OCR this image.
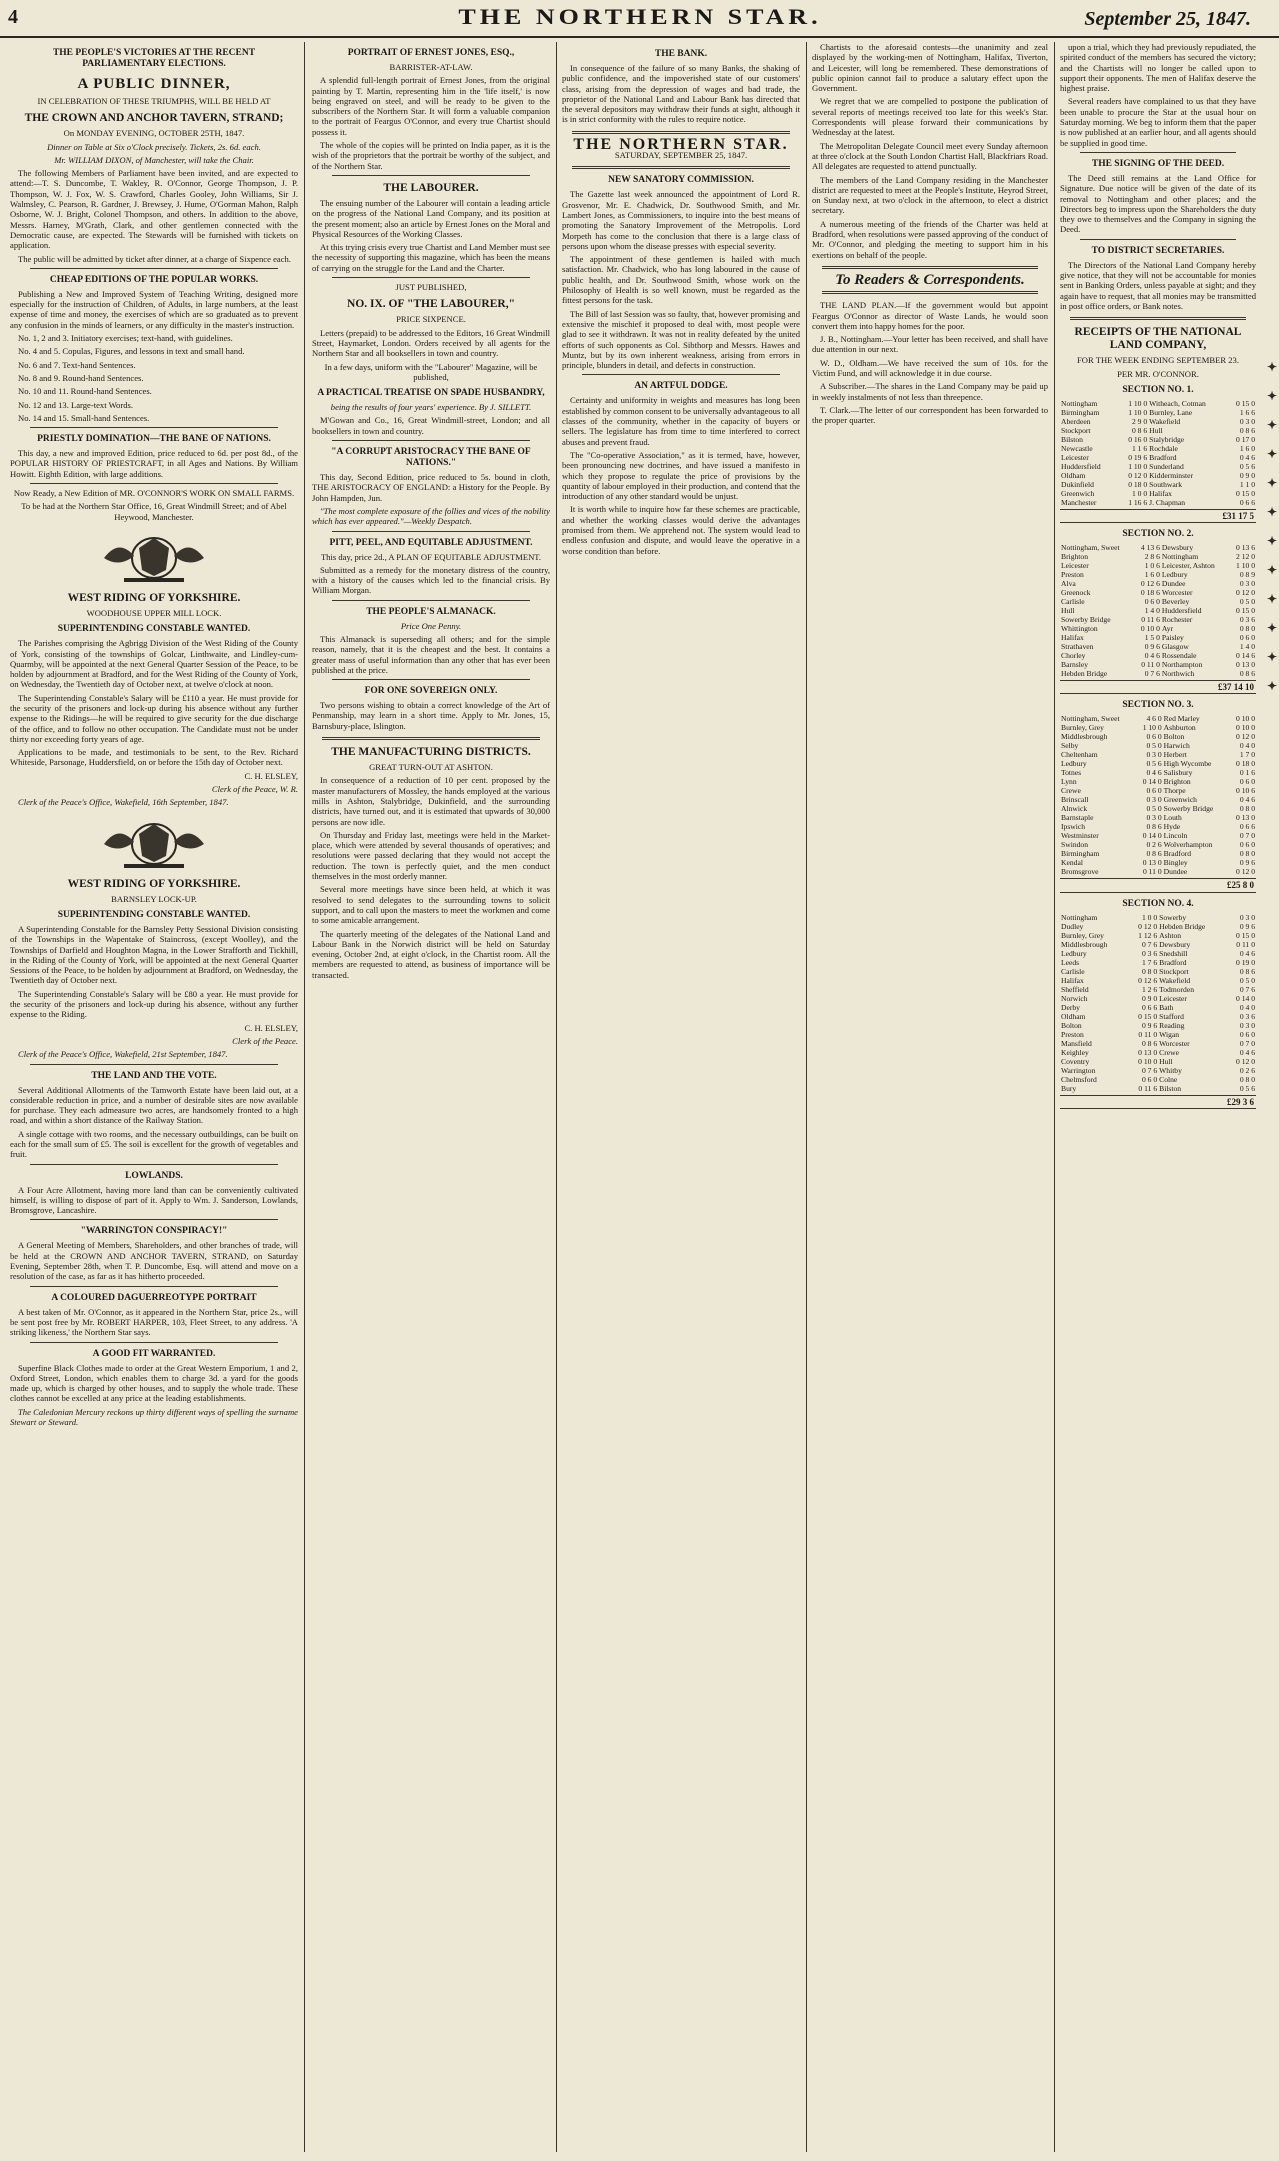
4	THE NORTHERN STAR.	September 25, 1847.
THE PEOPLE'S VICTORIES AT THE RECENT PARLIAMENTARY ELECTIONS.
A PUBLIC DINNER,

IN CELEBRATION OF THESE TRIUMPHS, WILL BE HELD AT

THE CROWN AND ANCHOR TAVERN, STRAND;

On MONDAY EVENING, OCTOBER 25TH, 1847.

Dinner on Table at Six o'Clock precisely. Tickets, 2s. 6d. each.

Mr. WILLIAM DIXON, of Manchester, will take the Chair.

The following Members of Parliament have been invited, and are expected to attend:—T. S. Duncombe, T. Wakley, R. O'Connor, George Thompson, J. P. Thompson, W. J. Fox, W. S. Crawford, Charles Gooley, John Williams, Sir J. Walmsley, C. Pearson, R. Gardner, J. Brewsey, J. Hume, O'Gorman Mahon, Ralph Osborne, W. J. Bright, Colonel Thompson, and others. In addition to the above, Messrs. Harney, M'Grath, Clark, and other gentlemen connected with the Democratic cause, are expected. The Stewards will be furnished with tickets on application.

The public will be admitted by ticket after dinner, at a charge of Sixpence each.

CHEAP EDITIONS OF THE POPULAR WORKS.

Publishing a New and Improved System of Teaching Writing, designed more especially for the instruction of Children, of Adults, in large numbers, at the least expense of time and money, the exercises of which are so graduated as to prevent any confusion in the minds of learners, or any difficulty in the master's instruction.

No. 1, 2 and 3. Initiatory exercises; text-hand, with guidelines.

No. 4 and 5. Copulas, Figures, and lessons in text and small hand.

No. 6 and 7. Text-hand Sentences.

No. 8 and 9. Round-hand Sentences.

No. 10 and 11. Round-hand Sentences.

No. 12 and 13. Large-text Words.

No. 14 and 15. Small-hand Sentences.

PRIESTLY DOMINATION—THE BANE OF NATIONS.

This day, a new and improved Edition, price reduced to 6d. per post 8d., of the POPULAR HISTORY OF PRIESTCRAFT, in all Ages and Nations. By William Howitt. Eighth Edition, with large additions.

Now Ready, a New Edition of MR. O'CONNOR'S WORK ON SMALL FARMS.

To be had at the Northern Star Office, 16, Great Windmill Street; and of Abel Heywood, Manchester.

WEST RIDING OF YORKSHIRE.

WOODHOUSE UPPER MILL LOCK.

SUPERINTENDING CONSTABLE WANTED.

The Parishes comprising the Agbrigg Division of the West Riding of the County of York, consisting of the townships of Golcar, Linthwaite, and Lindley-cum-Quarmby, will be appointed at the next General Quarter Session of the Peace, to be holden by adjournment at Bradford, and for the West Riding of the County of York, on Wednesday, the Twentieth day of October next, at twelve o'clock at noon.

The Superintending Constable's Salary will be £110 a year. He must provide for the security of the prisoners and lock-up during his absence without any further expense to the Ridings—he will be required to give security for the due discharge of the office, and to follow no other occupation. The Candidate must not be under thirty nor exceeding forty years of age.

Applications to be made, and testimonials to be sent, to the Rev. Richard Whiteside, Parsonage, Huddersfield, on or before the 15th day of October next.

C. H. ELSLEY,

Clerk of the Peace, W. R.

Clerk of the Peace's Office, Wakefield, 16th September, 1847.

WEST RIDING OF YORKSHIRE.

BARNSLEY LOCK-UP.

SUPERINTENDING CONSTABLE WANTED.

A Superintending Constable for the Barnsley Petty Sessional Division consisting of the Townships in the Wapentake of Staincross, (except Woolley), and the Townships of Darfield and Houghton Magna, in the Lower Strafforth and Tickhill, in the Riding of the County of York, will be appointed at the next General Quarter Sessions of the Peace, to be holden by adjournment at Bradford, on Wednesday, the Twentieth day of October next.

The Superintending Constable's Salary will be £80 a year. He must provide for the security of the prisoners and lock-up during his absence, without any further expense to the Riding.

C. H. ELSLEY,

Clerk of the Peace.

Clerk of the Peace's Office, Wakefield, 21st September, 1847.

THE LAND AND THE VOTE.

Several Additional Allotments of the Tamworth Estate have been laid out, at a considerable reduction in price, and a number of desirable sites are now available for purchase. They each admeasure two acres, are handsomely fronted to a high road, and within a short distance of the Railway Station.

A single cottage with two rooms, and the necessary outbuildings, can be built on each for the small sum of £5. The soil is excellent for the growth of vegetables and fruit.

LOWLANDS.

A Four Acre Allotment, having more land than can be conveniently cultivated himself, is willing to dispose of part of it. Apply to Wm. J. Sanderson, Lowlands, Bromsgrove, Lancashire.

"WARRINGTON CONSPIRACY!"

A General Meeting of Members, Shareholders, and other branches of trade, will be held at the CROWN AND ANCHOR TAVERN, STRAND, on Saturday Evening, September 28th, when T. P. Duncombe, Esq. will attend and move on a resolution of the case, as far as it has hitherto proceeded.

A COLOURED DAGUERREOTYPE PORTRAIT

A best taken of Mr. O'Connor, as it appeared in the Northern Star, price 2s., will be sent post free by Mr. ROBERT HARPER, 103, Fleet Street, to any address. 'A striking likeness,' the Northern Star says.

A GOOD FIT WARRANTED.

Superfine Black Clothes made to order at the Great Western Emporium, 1 and 2, Oxford Street, London, which enables them to charge 3d. a yard for the goods made up, which is charged by other houses, and to supply the whole trade. These clothes cannot be excelled at any price at the leading establishments.

The Caledonian Mercury reckons up thirty different ways of spelling the surname Stewart or Steward.

PORTRAIT OF ERNEST JONES, ESQ.,

BARRISTER-AT-LAW.

A splendid full-length portrait of Ernest Jones, from the original painting by T. Martin, representing him in the 'life itself,' is now being engraved on steel, and will be ready to be given to the subscribers of the Northern Star. It will form a valuable companion to the portrait of Feargus O'Connor, and every true Chartist should possess it.

The whole of the copies will be printed on India paper, as it is the wish of the proprietors that the portrait be worthy of the subject, and of the Northern Star.

THE LABOURER.

The ensuing number of the Labourer will contain a leading article on the progress of the National Land Company, and its position at the present moment; also an article by Ernest Jones on the Moral and Physical Resources of the Working Classes.

At this trying crisis every true Chartist and Land Member must see the necessity of supporting this magazine, which has been the means of carrying on the struggle for the Land and the Charter.

JUST PUBLISHED,

NO. IX. OF "THE LABOURER,"

PRICE SIXPENCE.

Letters (prepaid) to be addressed to the Editors, 16 Great Windmill Street, Haymarket, London. Orders received by all agents for the Northern Star and all booksellers in town and country.

In a few days, uniform with the "Labourer" Magazine, will be published,

A PRACTICAL TREATISE ON SPADE HUSBANDRY,

being the results of four years' experience. By J. SILLETT.

M'Gowan and Co., 16, Great Windmill-street, London; and all booksellers in town and country.

"A CORRUPT ARISTOCRACY THE BANE OF NATIONS."

This day, Second Edition, price reduced to 5s. bound in cloth, THE ARISTOCRACY OF ENGLAND: a History for the People. By John Hampden, Jun.

"The most complete exposure of the follies and vices of the nobility which has ever appeared."—Weekly Despatch.

PITT, PEEL, AND EQUITABLE ADJUSTMENT.

This day, price 2d., A PLAN OF EQUITABLE ADJUSTMENT.

Submitted as a remedy for the monetary distress of the country, with a history of the causes which led to the financial crisis. By William Morgan.

THE PEOPLE'S ALMANACK.

Price One Penny.

This Almanack is superseding all others; and for the simple reason, namely, that it is the cheapest and the best. It contains a greater mass of useful information than any other that has ever been published at the price.

FOR ONE SOVEREIGN ONLY.

Two persons wishing to obtain a correct knowledge of the Art of Penmanship, may learn in a short time. Apply to Mr. Jones, 15, Barnsbury-place, Islington.

THE MANUFACTURING DISTRICTS.

GREAT TURN-OUT AT ASHTON.

In consequence of a reduction of 10 per cent. proposed by the master manufacturers of Mossley, the hands employed at the various mills in Ashton, Stalybridge, Dukinfield, and the surrounding districts, have turned out, and it is estimated that upwards of 30,000 persons are now idle.

On Thursday and Friday last, meetings were held in the Market-place, which were attended by several thousands of operatives; and resolutions were passed declaring that they would not accept the reduction. The town is perfectly quiet, and the men conduct themselves in the most orderly manner.

Several more meetings have since been held, at which it was resolved to send delegates to the surrounding towns to solicit support, and to call upon the masters to meet the workmen and come to some amicable arrangement.

The quarterly meeting of the delegates of the National Land and Labour Bank in the Norwich district will be held on Saturday evening, October 2nd, at eight o'clock, in the Chartist room. All the members are requested to attend, as business of importance will be transacted.

THE BANK.

In consequence of the failure of so many Banks, the shaking of public confidence, and the impoverished state of our customers' class, arising from the depression of wages and bad trade, the proprietor of the National Land and Labour Bank has directed that the several depositors may withdraw their funds at sight, although it is in strict conformity with the rules to require notice.

THE NORTHERN STAR.

SATURDAY, SEPTEMBER 25, 1847.

NEW SANATORY COMMISSION.

The Gazette last week announced the appointment of Lord R. Grosvenor, Mr. E. Chadwick, Dr. Southwood Smith, and Mr. Lambert Jones, as Commissioners, to inquire into the best means of promoting the Sanatory Improvement of the Metropolis. Lord Morpeth has come to the conclusion that there is a large class of persons upon whom the disease presses with especial severity.

The appointment of these gentlemen is hailed with much satisfaction. Mr. Chadwick, who has long laboured in the cause of public health, and Dr. Southwood Smith, whose work on the Philosophy of Health is so well known, must be regarded as the fittest persons for the task.

The Bill of last Session was so faulty, that, however promising and extensive the mischief it proposed to deal with, most people were glad to see it withdrawn. It was not in reality defeated by the united efforts of such opponents as Col. Sibthorp and Messrs. Hawes and Muntz, but by its own inherent weakness, arising from errors in principle, blunders in detail, and defects in construction.

AN ARTFUL DODGE.

Certainty and uniformity in weights and measures has long been established by common consent to be universally advantageous to all classes of the community, whether in the capacity of buyers or sellers. The legislature has from time to time interfered to correct abuses and prevent fraud.

The "Co-operative Association," as it is termed, have, however, been pronouncing new doctrines, and have issued a manifesto in which they propose to regulate the price of provisions by the quantity of labour employed in their production, and contend that the introduction of any other standard would be unjust.

It is worth while to inquire how far these schemes are practicable, and whether the working classes would derive the advantages promised from them. We apprehend not. The system would lead to endless confusion and dispute, and would leave the operative in a worse condition than before.

Chartists to the aforesaid contests—the unanimity and zeal displayed by the working-men of Nottingham, Halifax, Tiverton, and Leicester, will long be remembered. These demonstrations of public opinion cannot fail to produce a salutary effect upon the Government.

We regret that we are compelled to postpone the publication of several reports of meetings received too late for this week's Star. Correspondents will please forward their communications by Wednesday at the latest.

The Metropolitan Delegate Council meet every Sunday afternoon at three o'clock at the South London Chartist Hall, Blackfriars Road. All delegates are requested to attend punctually.

The members of the Land Company residing in the Manchester district are requested to meet at the People's Institute, Heyrod Street, on Sunday next, at two o'clock in the afternoon, to elect a district secretary.

A numerous meeting of the friends of the Charter was held at Bradford, when resolutions were passed approving of the conduct of Mr. O'Connor, and pledging the meeting to support him in his exertions on behalf of the people.

To Readers & Correspondents.

THE LAND PLAN.—If the government would but appoint Feargus O'Connor as director of Waste Lands, he would soon convert them into happy homes for the poor.

J. B., Nottingham.—Your letter has been received, and shall have due attention in our next.

W. D., Oldham.—We have received the sum of 10s. for the Victim Fund, and will acknowledge it in due course.

A Subscriber.—The shares in the Land Company may be paid up in weekly instalments of not less than threepence.

T. Clark.—The letter of our correspondent has been forwarded to the proper quarter.

upon a trial, which they had previously repudiated, the spirited conduct of the members has secured the victory; and the Chartists will no longer be called upon to support their opponents. The men of Halifax deserve the highest praise.

Several readers have complained to us that they have been unable to procure the Star at the usual hour on Saturday morning. We beg to inform them that the paper is now published at an earlier hour, and all agents should be supplied in good time.

THE SIGNING OF THE DEED.

The Deed still remains at the Land Office for Signature. Due notice will be given of the date of its removal to Nottingham and other places; and the Directors beg to impress upon the Shareholders the duty they owe to themselves and the Company in signing the Deed.

TO DISTRICT SECRETARIES.

The Directors of the National Land Company hereby give notice, that they will not be accountable for monies sent in Banking Orders, unless payable at sight; and they again have to request, that all monies may be transmitted in post office orders, or Bank notes.

RECEIPTS OF THE NATIONAL LAND COMPANY,

FOR THE WEEK ENDING SEPTEMBER 23.

PER MR. O'CONNOR.

SECTION NO. 1.
Nottingham	1 10 0	Witheach, Cotman	0 15 0
Birmingham	1 10 0	Burnley, Lane	1 6 6
Aberdeen	2 9 0	Wakefield	0 3 0
Stockport	0 8 6	Hull	0 8 6
Bilston	0 16 0	Stalybridge	0 17 0
Newcastle	1 1 6	Rochdale	1 6 0
Leicester	0 19 6	Bradford	0 4 6
Huddersfield	1 10 0	Sunderland	0 5 6
Oldham	0 12 0	Kidderminster	0 9 0
Dukinfield	0 18 0	Southwark	1 1 0
Greenwich	1 0 0	Halifax	0 15 0
Manchester	1 16 6	J. Chapman	0 6 6
£31 17 5
SECTION NO. 2.
Nottingham, Sweet	4 13 6	Dewsbury	0 13 6
Brighton	2 8 6	Nottingham	2 12 0
Leicester	1 0 6	Leicester, Ashton	1 10 0
Preston	1 6 0	Ledbury	0 8 9
Alva	0 12 6	Dundee	0 3 0
Greenock	0 18 6	Worcester	0 12 0
Carlisle	0 6 0	Beverley	0 5 0
Hull	1 4 0	Huddersfield	0 15 0
Sowerby Bridge	0 11 6	Rochester	0 3 6
Whittington	0 10 0	Ayr	0 8 0
Halifax	1 5 0	Paisley	0 6 0
Strathaven	0 9 6	Glasgow	1 4 0
Chorley	0 4 6	Rossendale	0 14 6
Barnsley	0 11 0	Northampton	0 13 0
Hebden Bridge	0 7 6	Northwich	0 8 6
£37 14 10
SECTION NO. 3.
Nottingham, Sweet	4 6 0	Red Marley	0 10 0
Burnley, Grey	1 10 0	Ashburton	0 10 0
Middlesbrough	0 6 0	Bolton	0 12 0
Selby	0 5 0	Harwich	0 4 0
Cheltenham	0 3 0	Herbert	1 7 0
Ledbury	0 5 6	High Wycombe	0 18 0
Totnes	0 4 6	Salisbury	0 1 6
Lynn	0 14 0	Brighton	0 6 0
Crewe	0 6 0	Thorpe	0 10 6
Brinscall	0 3 0	Greenwich	0 4 6
Alnwick	0 5 0	Sowerby Bridge	0 8 0
Barnstaple	0 3 0	Louth	0 13 0
Ipswich	0 8 6	Hyde	0 6 6
Westminster	0 14 0	Lincoln	0 7 0
Swindon	0 2 6	Wolverhampton	0 6 0
Birmingham	0 8 6	Bradford	0 8 0
Kendal	0 13 0	Bingley	0 9 6
Bromsgrove	0 11 0	Dundee	0 12 0
£25 8 0
SECTION NO. 4.
Nottingham	1 0 0	Sowerby	0 3 0
Dudley	0 12 0	Hebden Bridge	0 9 6
Burnley, Grey	1 12 6	Ashton	0 15 0
Middlesbrough	0 7 6	Dewsbury	0 11 0
Ledbury	0 3 6	Snedshill	0 4 6
Leeds	1 7 6	Bradford	0 19 0
Carlisle	0 8 0	Stockport	0 8 6
Halifax	0 12 6	Wakefield	0 5 0
Sheffield	1 2 6	Todmorden	0 7 6
Norwich	0 9 0	Leicester	0 14 0
Derby	0 6 6	Bath	0 4 0
Oldham	0 15 0	Stafford	0 3 6
Bolton	0 9 6	Reading	0 3 0
Preston	0 11 0	Wigan	0 6 0
Mansfield	0 8 6	Worcester	0 7 0
Keighley	0 13 0	Crewe	0 4 6
Coventry	0 10 0	Hull	0 12 0
Warrington	0 7 6	Whitby	0 2 6
Chelmsford	0 6 0	Colne	0 8 0
Bury	0 11 6	Bilston	0 5 6
£29 3 6
✦ ✦ ✦ ✦ ✦ ✦ ✦ ✦ ✦ ✦ ✦ ✦
